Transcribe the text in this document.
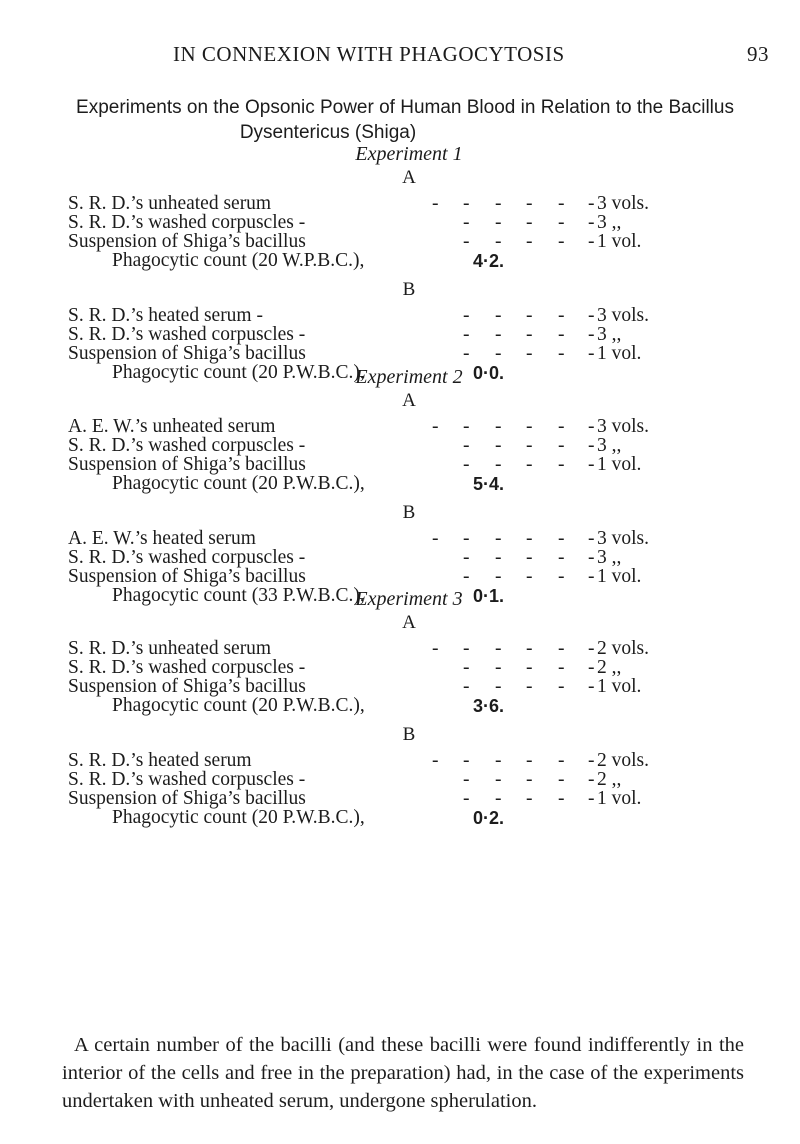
IN CONNEXION WITH PHAGOCYTOSIS	93
Experiments on the Opsonic Power of Human Blood in Relation to the Bacillus
Dysentericus (Shiga)
Experiment 1
A
S. R. D.’s unheated serum	- - - - - - 3 vols.
S. R. D.’s washed corpuscles -	- - - - - 3 ,,
Suspension of Shiga’s bacillus	- - - - - 1 vol.
Phagocytic count (20 W.P.B.C.),	4·2.
B
S. R. D.’s heated serum -	- - - - - 3 vols.
S. R. D.’s washed corpuscles -	- - - - - 3 ,,
Suspension of Shiga’s bacillus	- - - - - 1 vol.
Phagocytic count (20 P.W.B.C.),	0·0.
Experiment 2
A
A. E. W.’s unheated serum	- - - - - - 3 vols.
S. R. D.’s washed corpuscles -	- - - - - 3 ,,
Suspension of Shiga’s bacillus	- - - - - 1 vol.
Phagocytic count (20 P.W.B.C.),	5·4.
B
A. E. W.’s heated serum	- - - - - - 3 vols.
S. R. D.’s washed corpuscles -	- - - - - 3 ,,
Suspension of Shiga’s bacillus	- - - - - 1 vol.
Phagocytic count (33 P.W.B.C.),	0·1.
Experiment 3
A
S. R. D.’s unheated serum	- - - - - - 2 vols.
S. R. D.’s washed corpuscles -	- - - - - 2 ,,
Suspension of Shiga’s bacillus	- - - - - 1 vol.
Phagocytic count (20 P.W.B.C.),	3·6.
B
S. R. D.’s heated serum	- - - - - - 2 vols.
S. R. D.’s washed corpuscles -	- - - - - 2 ,,
Suspension of Shiga’s bacillus	- - - - - 1 vol.
Phagocytic count (20 P.W.B.C.),	0·2.

A certain number of the bacilli (and these bacilli were found indifferently in the interior of the cells and free in the preparation) had, in the case of the experiments undertaken with unheated serum, undergone spherulation.
